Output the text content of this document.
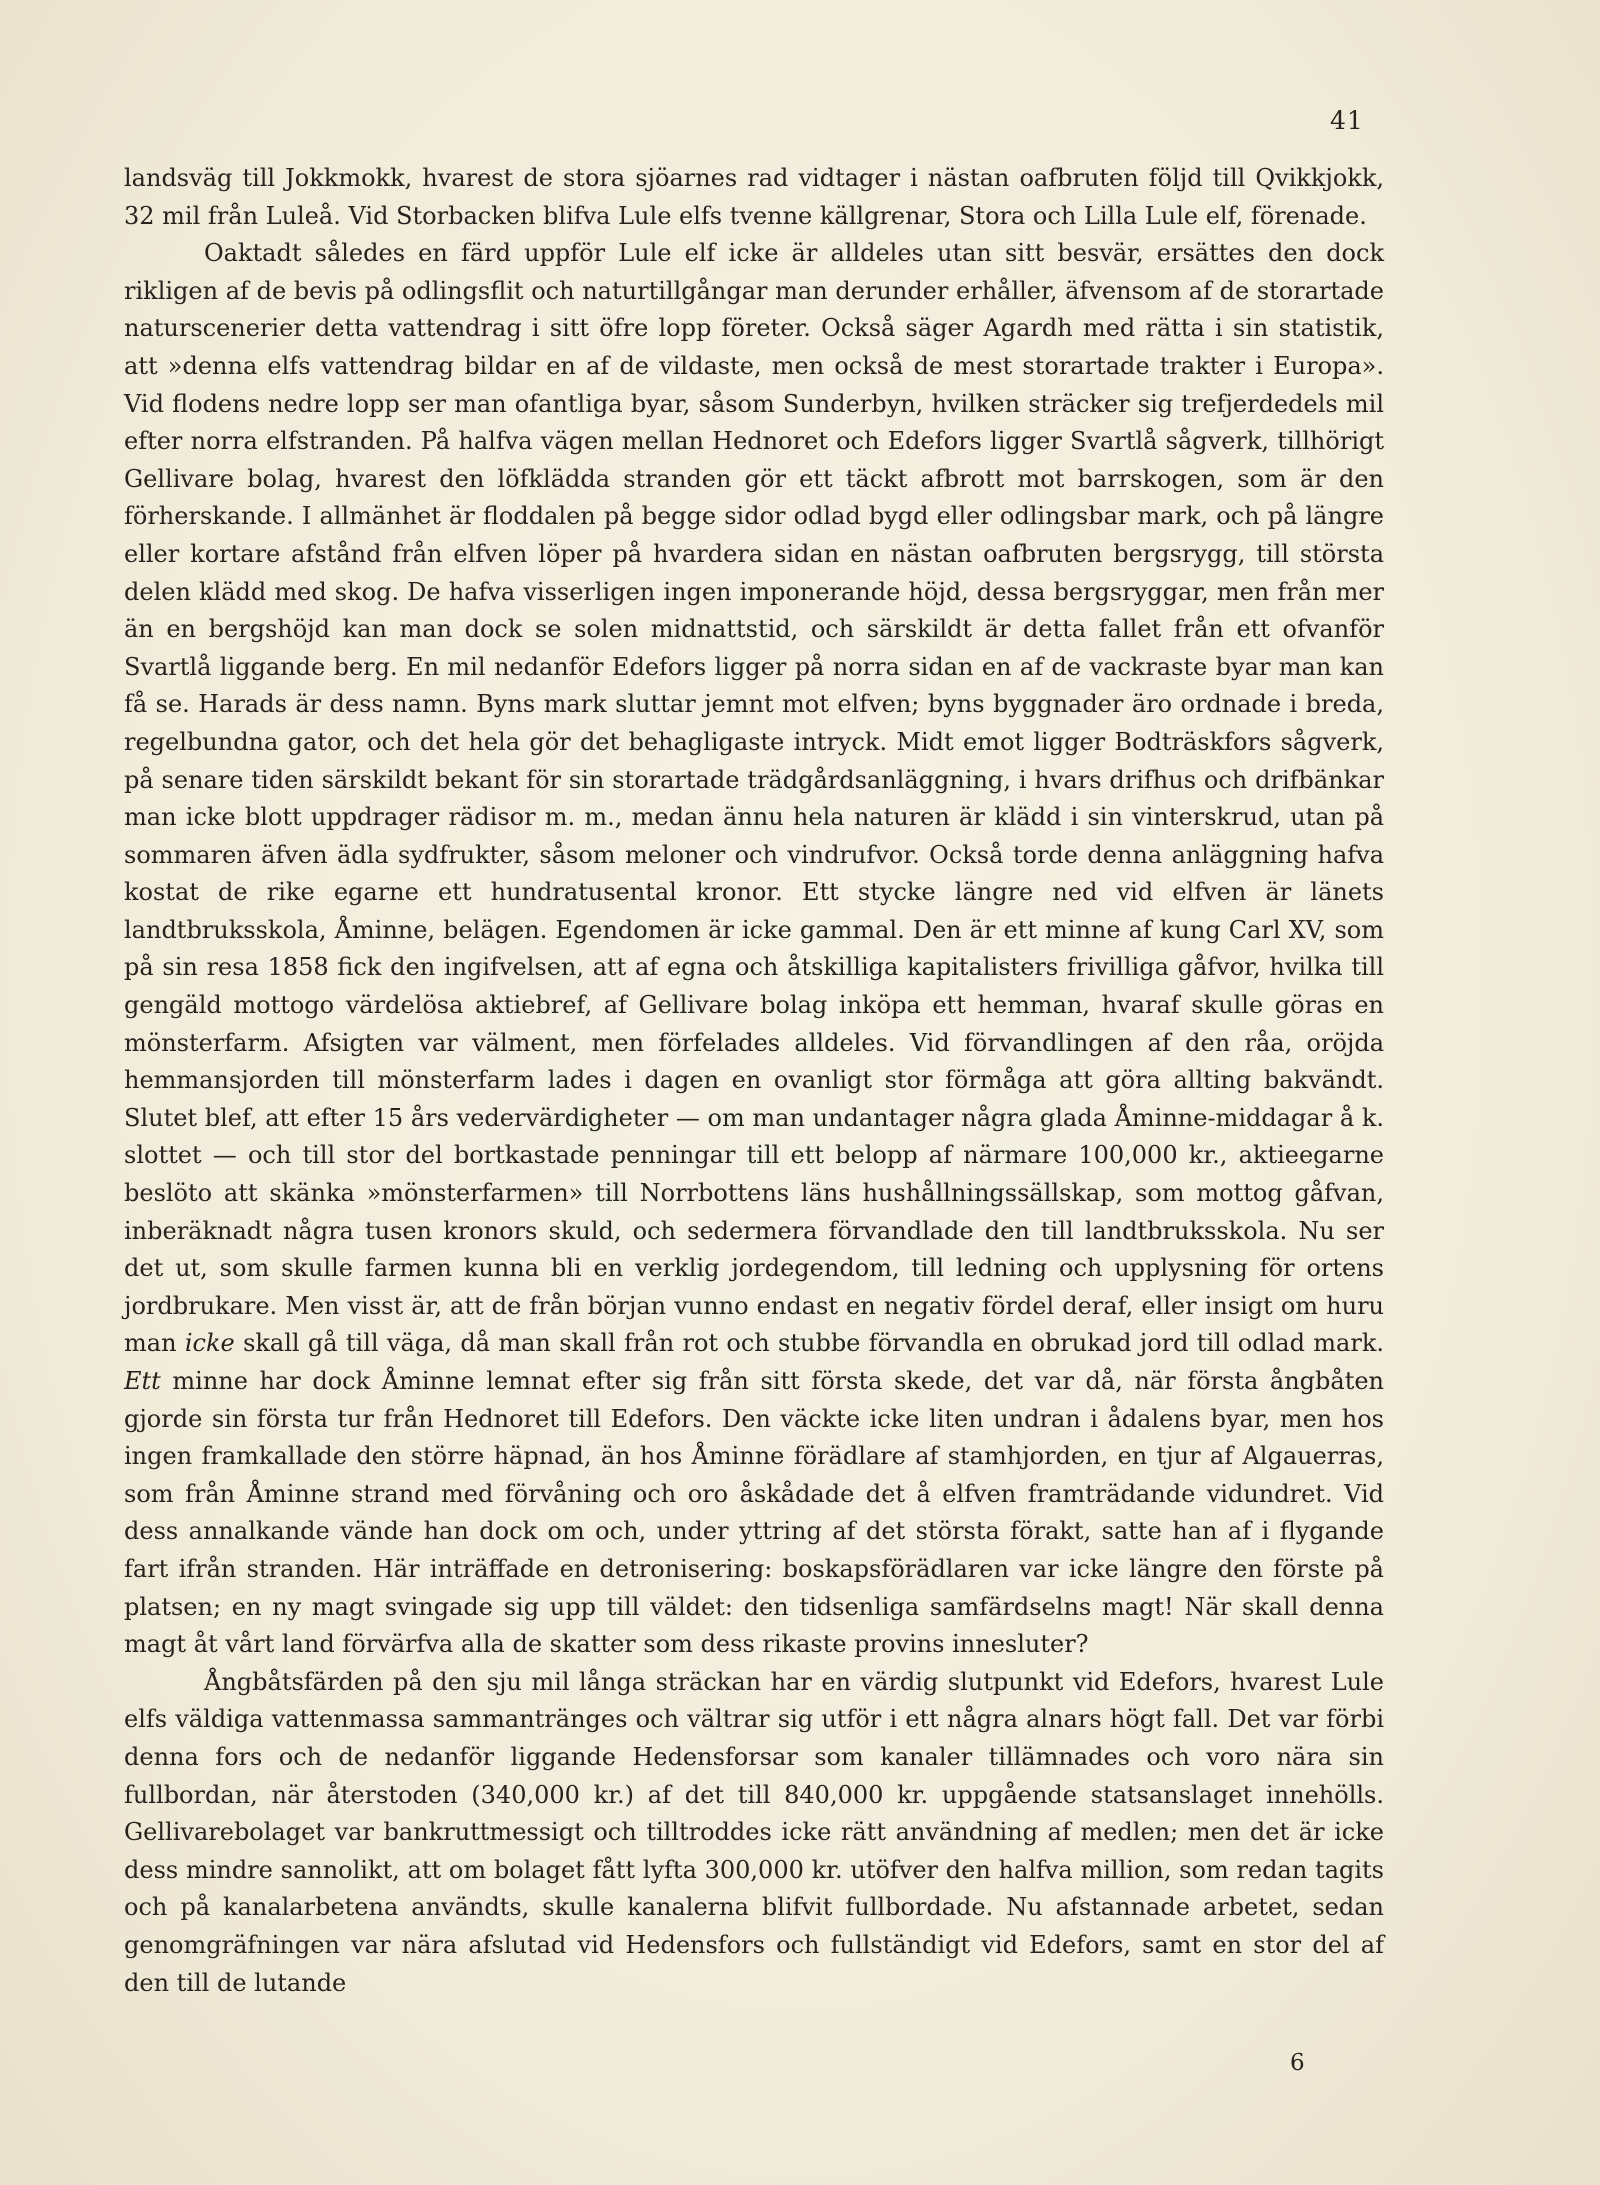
41

landsväg till Jokkmokk, hvarest de stora sjöarnes rad vidtager i nästan oafbruten följd till Qvikkjokk, 32 mil från Luleå. Vid Storbacken blifva Lule elfs tvenne källgrenar, Stora och Lilla Lule elf, förenade.

Oaktadt således en färd uppför Lule elf icke är alldeles utan sitt besvär, ersättes den dock rikligen af de bevis på odlingsflit och naturtillgångar man derunder erhåller, äfvensom af de storartade naturscenerier detta vattendrag i sitt öfre lopp företer. Också säger Agardh med rätta i sin statistik, att »denna elfs vattendrag bildar en af de vildaste, men också de mest storartade trakter i Europa». Vid flodens nedre lopp ser man ofantliga byar, såsom Sunderbyn, hvilken sträcker sig trefjerdedels mil efter norra elfstranden. På halfva vägen mellan Hednoret och Edefors ligger Svartlå sågverk, tillhörigt Gellivare bolag, hvarest den löfklädda stranden gör ett täckt afbrott mot barrskogen, som är den förherskande. I allmänhet är floddalen på begge sidor odlad bygd eller odlingsbar mark, och på längre eller kortare afstånd från elfven löper på hvardera sidan en nästan oafbruten bergsrygg, till största delen klädd med skog. De hafva visserligen ingen imponerande höjd, dessa bergsryggar, men från mer än en bergshöjd kan man dock se solen midnattstid, och särskildt är detta fallet från ett ofvanför Svartlå liggande berg. En mil nedanför Edefors ligger på norra sidan en af de vackraste byar man kan få se. Harads är dess namn. Byns mark sluttar jemnt mot elfven; byns byggnader äro ordnade i breda, regelbundna gator, och det hela gör det behagligaste intryck. Midt emot ligger Bodträskfors sågverk, på senare tiden särskildt bekant för sin storartade trädgårdsanläggning, i hvars drifhus och drifbänkar man icke blott uppdrager rädisor m. m., medan ännu hela naturen är klädd i sin vinterskrud, utan på sommaren äfven ädla sydfrukter, såsom meloner och vindrufvor. Också torde denna anläggning hafva kostat de rike egarne ett hundratusental kronor. Ett stycke längre ned vid elfven är länets landtbruksskola, Åminne, belägen. Egendomen är icke gammal. Den är ett minne af kung Carl XV, som på sin resa 1858 fick den ingifvelsen, att af egna och åtskilliga kapitalisters frivilliga gåfvor, hvilka till gengäld mottogo värdelösa aktiebref, af Gellivare bolag inköpa ett hemman, hvaraf skulle göras en mönsterfarm. Afsigten var välment, men förfelades alldeles. Vid förvandlingen af den råa, oröjda hemmansjorden till mönsterfarm lades i dagen en ovanligt stor förmåga att göra allting bakvändt. Slutet blef, att efter 15 års vedervärdigheter — om man undantager några glada Åminne-middagar å k. slottet — och till stor del bortkastade penningar till ett belopp af närmare 100,000 kr., aktieegarne beslöto att skänka »mönsterfarmen» till Norrbottens läns hushållningssällskap, som mottog gåfvan, inberäknadt några tusen kronors skuld, och sedermera förvandlade den till landtbruksskola. Nu ser det ut, som skulle farmen kunna bli en verklig jordegendom, till ledning och upplysning för ortens jordbrukare. Men visst är, att de från början vunno endast en negativ fördel deraf, eller insigt om huru man icke skall gå till väga, då man skall från rot och stubbe förvandla en obrukad jord till odlad mark. Ett minne har dock Åminne lemnat efter sig från sitt första skede, det var då, när första ångbåten gjorde sin första tur från Hednoret till Edefors. Den väckte icke liten undran i ådalens byar, men hos ingen framkallade den större häpnad, än hos Åminne förädlare af stamhjorden, en tjur af Algauerras, som från Åminne strand med förvåning och oro åskådade det å elfven framträdande vidundret. Vid dess annalkande vände han dock om och, under yttring af det största förakt, satte han af i flygande fart ifrån stranden. Här inträffade en detronisering: boskapsförädlaren var icke längre den förste på platsen; en ny magt svingade sig upp till väldet: den tidsenliga samfärdselns magt! När skall denna magt åt vårt land förvärfva alla de skatter som dess rikaste provins innesluter?

Ångbåtsfärden på den sju mil långa sträckan har en värdig slutpunkt vid Edefors, hvarest Lule elfs väldiga vattenmassa sammantränges och vältrar sig utför i ett några alnars högt fall. Det var förbi denna fors och de nedanför liggande Hedensforsar som kanaler tillämnades och voro nära sin fullbordan, när återstoden (340,000 kr.) af det till 840,000 kr. uppgående statsanslaget innehölls. Gellivarebolaget var bankruttmessigt och tilltroddes icke rätt användning af medlen; men det är icke dess mindre sannolikt, att om bolaget fått lyfta 300,000 kr. utöfver den halfva million, som redan tagits och på kanalarbetena användts, skulle kanalerna blifvit fullbordade. Nu afstannade arbetet, sedan genomgräfningen var nära afslutad vid Hedensfors och fullständigt vid Edefors, samt en stor del af den till de lutande

6
